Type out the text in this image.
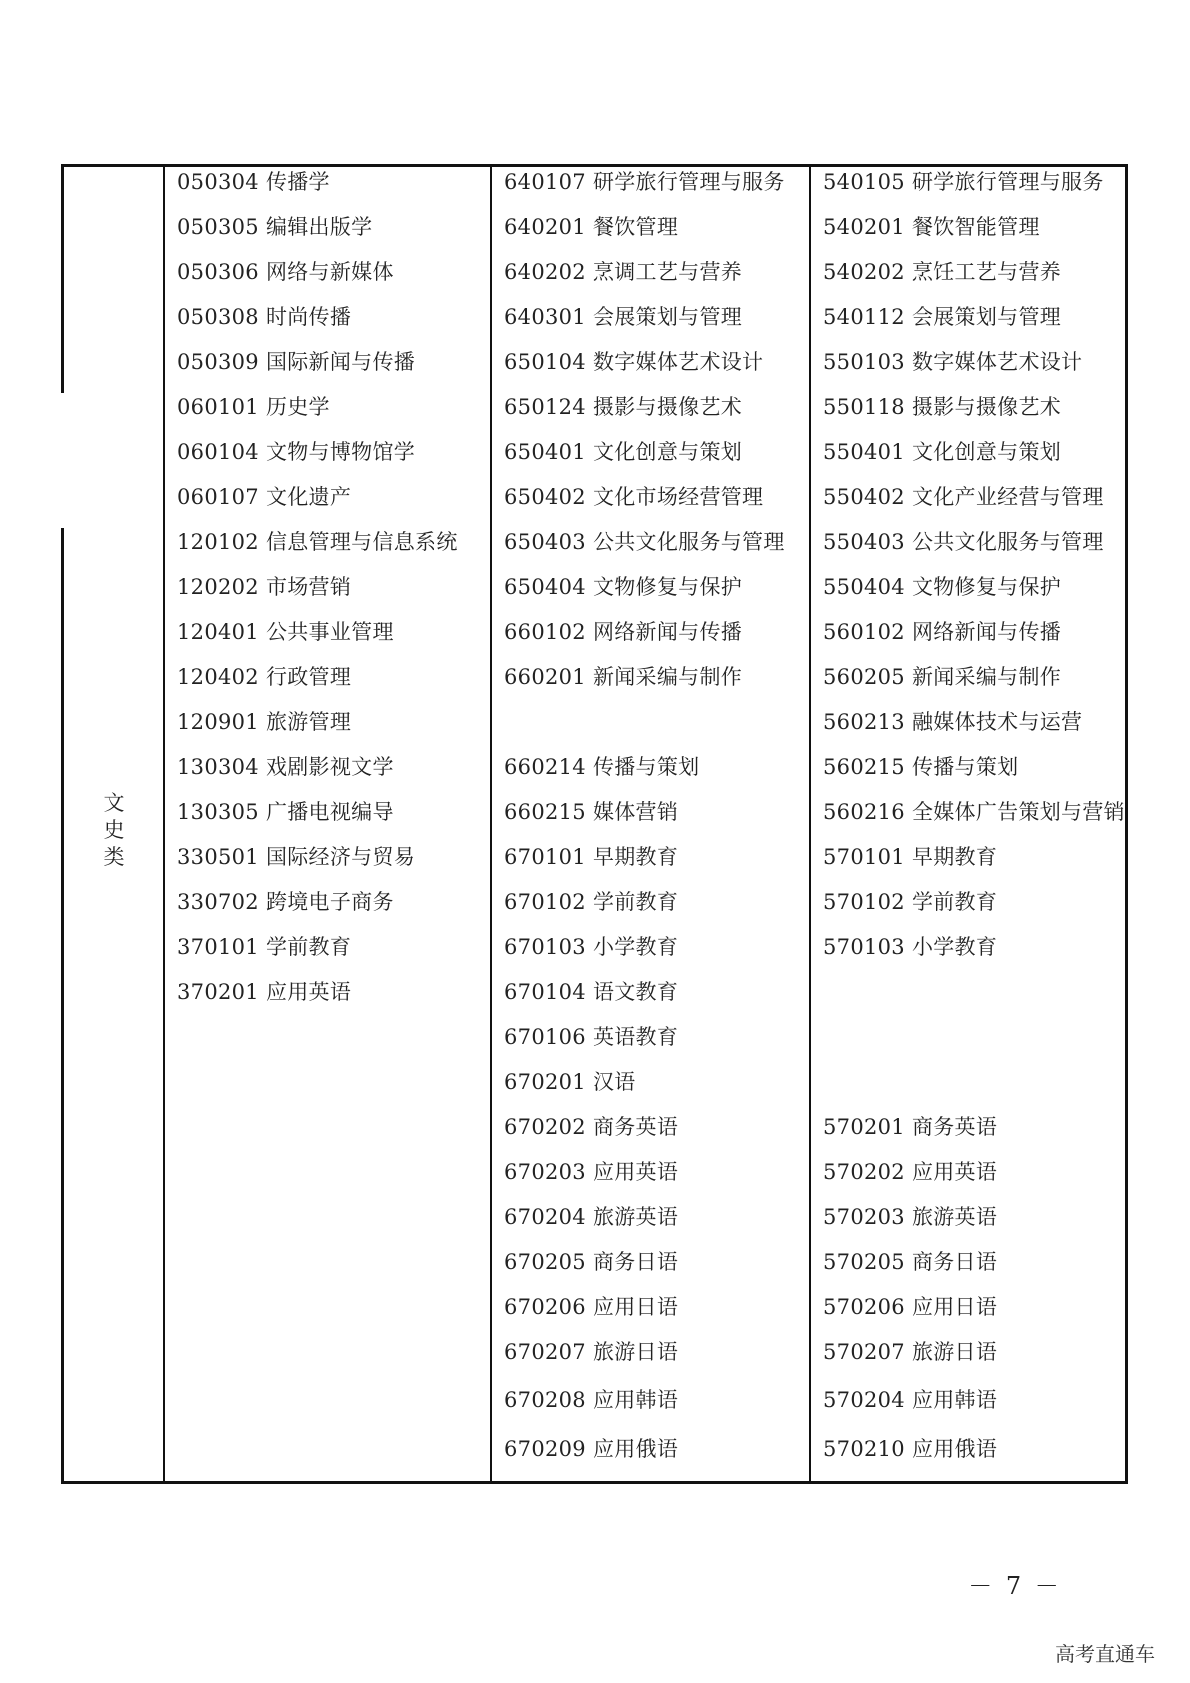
文
史
类
050304 传播学
050305 编辑出版学
050306 网络与新媒体
050308 时尚传播
050309 国际新闻与传播
060101 历史学
060104 文物与博物馆学
060107 文化遗产
120102 信息管理与信息系统
120202 市场营销
120401 公共事业管理
120402 行政管理
120901 旅游管理
130304 戏剧影视文学
130305 广播电视编导
330501 国际经济与贸易
330702 跨境电子商务
370101 学前教育
370201 应用英语
640107 研学旅行管理与服务
640201 餐饮管理
640202 烹调工艺与营养
640301 会展策划与管理
650104 数字媒体艺术设计
650124 摄影与摄像艺术
650401 文化创意与策划
650402 文化市场经营管理
650403 公共文化服务与管理
650404 文物修复与保护
660102 网络新闻与传播
660201 新闻采编与制作
660214 传播与策划
660215 媒体营销
670101 早期教育
670102 学前教育
670103 小学教育
670104 语文教育
670106 英语教育
670201 汉语
670202 商务英语
670203 应用英语
670204 旅游英语
670205 商务日语
670206 应用日语
670207 旅游日语
670208 应用韩语
670209 应用俄语
540105 研学旅行管理与服务
540201 餐饮智能管理
540202 烹饪工艺与营养
540112 会展策划与管理
550103 数字媒体艺术设计
550118 摄影与摄像艺术
550401 文化创意与策划
550402 文化产业经营与管理
550403 公共文化服务与管理
550404 文物修复与保护
560102 网络新闻与传播
560205 新闻采编与制作
560213 融媒体技术与运营
560215 传播与策划
560216 全媒体广告策划与营销
570101 早期教育
570102 学前教育
570103 小学教育
570201 商务英语
570202 应用英语
570203 旅游英语
570205 商务日语
570206 应用日语
570207 旅游日语
570204 应用韩语
570210 应用俄语
－ 7 －
高考直通车
